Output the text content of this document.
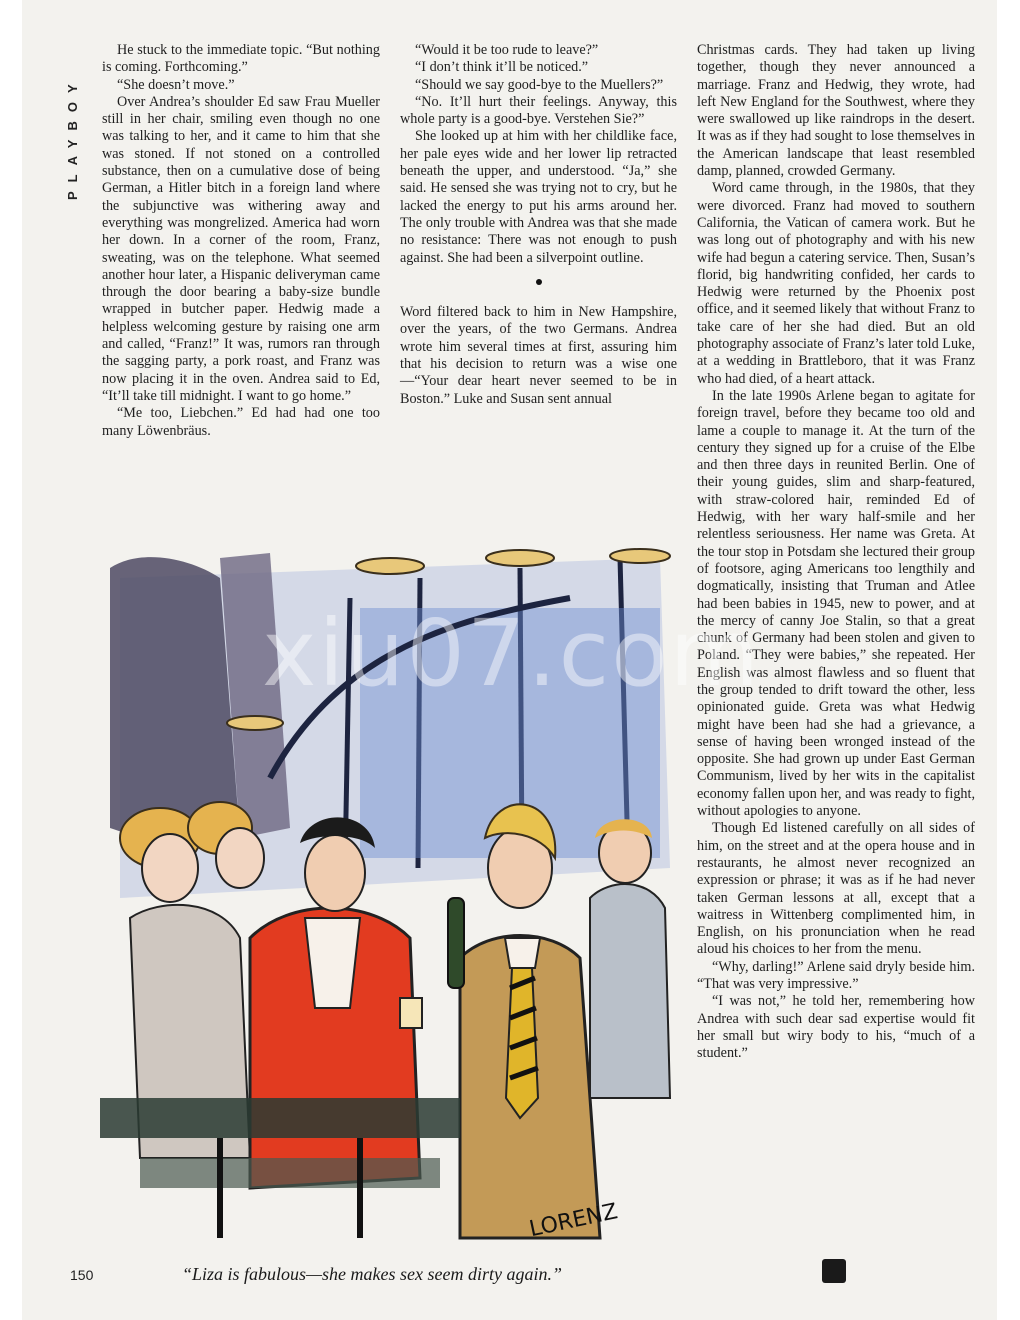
PLAYBOY

He stuck to the immediate topic. “But nothing is coming. Forthcoming.”

“She doesn’t move.”

Over Andrea’s shoulder Ed saw Frau Mueller still in her chair, smiling even though no one was talking to her, and it came to him that she was stoned. If not stoned on a controlled substance, then on a cumulative dose of being German, a Hitler bitch in a foreign land where the subjunctive was withering away and everything was mongrelized. America had worn her down. In a corner of the room, Franz, sweating, was on the telephone. What seemed another hour later, a Hispanic deliveryman came through the door bearing a baby-size bundle wrapped in butcher paper. Hedwig made a helpless welcoming gesture by raising one arm and called, “Franz!” It was, rumors ran through the sagging party, a pork roast, and Franz was now placing it in the oven. Andrea said to Ed, “It’ll take till midnight. I want to go home.”

“Me too, Liebchen.” Ed had had one too many Löwenbräus.

“Would it be too rude to leave?”

“I don’t think it’ll be noticed.”

“Should we say good-bye to the Muellers?”

“No. It’ll hurt their feelings. Anyway, this whole party is a good-bye. Verstehen Sie?”

She looked up at him with her childlike face, her pale eyes wide and her lower lip retracted beneath the upper, and understood. “Ja,” she said. He sensed she was trying not to cry, but he lacked the energy to put his arms around her. The only trouble with Andrea was that she made no resistance: There was not enough to push against. She had been a silverpoint outline.

Word filtered back to him in New Hampshire, over the years, of the two Germans. Andrea wrote him several times at first, assuring him that his decision to return was a wise one—“Your dear heart never seemed to be in Boston.” Luke and Susan sent annual

Christmas cards. They had taken up living together, though they never announced a marriage. Franz and Hedwig, they wrote, had left New England for the Southwest, where they were swallowed up like raindrops in the desert. It was as if they had sought to lose themselves in the American landscape that least resembled damp, planned, crowded Germany.

Word came through, in the 1980s, that they were divorced. Franz had moved to southern California, the Vatican of camera work. But he was long out of photography and with his new wife had begun a catering service. Then, Susan’s florid, big handwriting confided, her cards to Hedwig were returned by the Phoenix post office, and it seemed likely that without Franz to take care of her she had died. But an old photography associate of Franz’s later told Luke, at a wedding in Brattleboro, that it was Franz who had died, of a heart attack.

In the late 1990s Arlene began to agitate for foreign travel, before they became too old and lame a couple to manage it. At the turn of the century they signed up for a cruise of the Elbe and then three days in reunited Berlin. One of their young guides, slim and sharp-featured, with straw-colored hair, reminded Ed of Hedwig, with her wary half-smile and her relentless seriousness. Her name was Greta. At the tour stop in Potsdam she lectured their group of footsore, aging Americans too lengthily and dogmatically, insisting that Truman and Atlee had been babies in 1945, new to power, and at the mercy of canny Joe Stalin, so that a great chunk of Germany had been stolen and given to Poland. “They were babies,” she repeated. Her English was almost flawless and so fluent that the group tended to drift toward the other, less opinionated guide. Greta was what Hedwig might have been had she had a grievance, a sense of having been wronged instead of the opposite. She had grown up under East German Communism, lived by her wits in the capitalist economy fallen upon her, and was ready to fight, without apologies to anyone.

Though Ed listened carefully on all sides of him, on the street and at the opera house and in restaurants, he almost never recognized an expression or phrase; it was as if he had never taken German lessons at all, except that a waitress in Wittenberg complimented him, in English, on his pronunciation when he read aloud his choices to her from the menu.

“Why, darling!” Arlene said dryly beside him. “That was very impressive.”

“I was not,” he told her, remembering how Andrea with such dear sad expertise would fit her small but wiry body to his, “much of a student.”

LORENZ
xiu07.com
150	“Liza is fabulous—she makes sex seem dirty again.”
